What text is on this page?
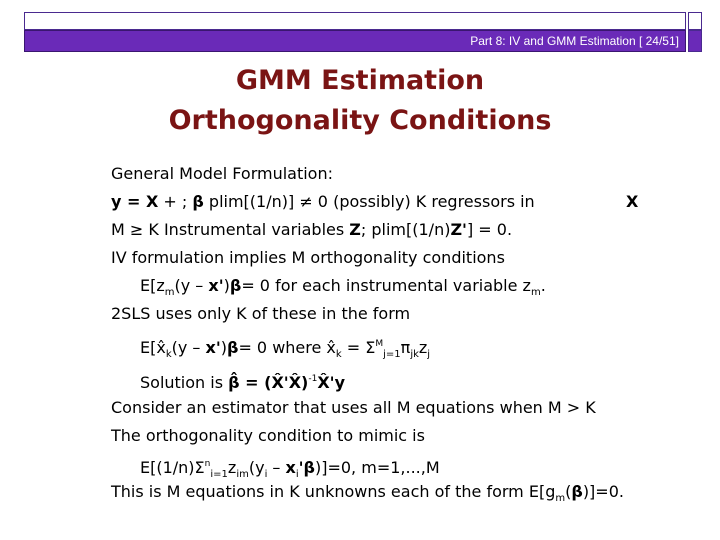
Part 8: IV and GMM Estimation [ 24/51]
GMM Estimation
Orthogonality Conditions
General Model Formulation:
y = X + ; β plim[(1/n)] ≠ 0 (possibly) K regressors in	X
M ≥ K Instrumental variables Z; plim[(1/n)Z'] = 0.
IV formulation implies M orthogonality conditions
$E[z_m(y - x')\beta= 0$ for each instrumental variable $z_m$.
2SLS uses only K of these in the form
$E[x̂_k(y - x')\beta= 0$ where $x̂_k = \Sigma^M_{j=1}\pi_{jk}z_j$
Solution is β̂ = (X̂'X̂)$^{-1}$X̂'y
Consider an estimator that uses all M equations when M > K
The orthogonality condition to mimic is
$E[(1/n)\Sigma^n_{i=1}z_{im}(y_i - x_i'\beta)]=0$, m=1,...,M
This is M equations in K unknowns each of the form $E[g_m(\beta)]=0$.
